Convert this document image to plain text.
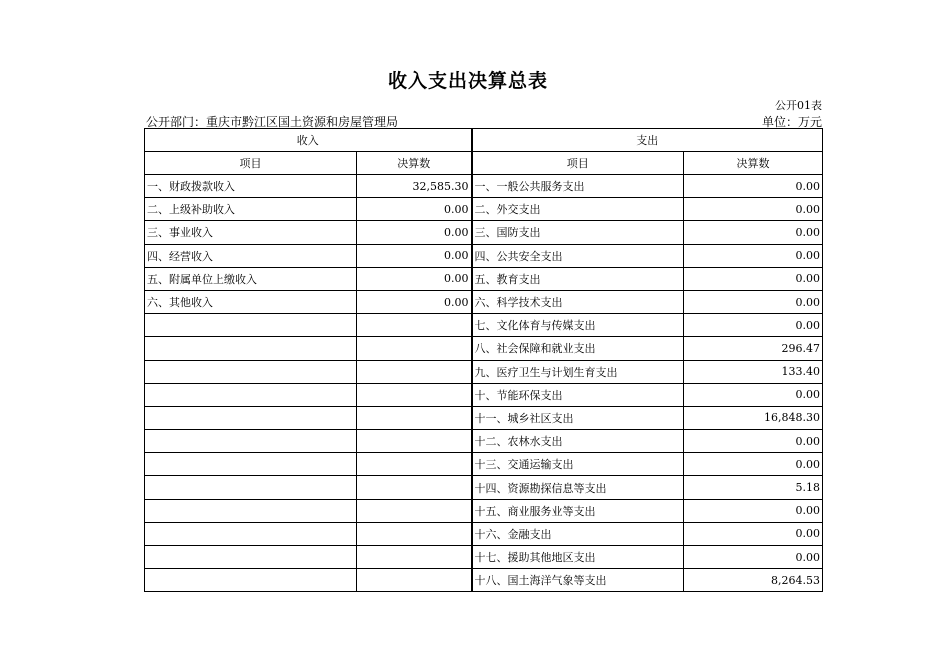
收入支出决算总表
公开01表
公开部门：重庆市黔江区国土资源和房屋管理局	单位：万元
收入		支出	
项目	决算数	项目	决算数
一、财政拨款收入	32,585.30	一、一般公共服务支出	0.00
二、上级补助收入	0.00	二、外交支出	0.00
三、事业收入	0.00	三、国防支出	0.00
四、经营收入	0.00	四、公共安全支出	0.00
五、附属单位上缴收入	0.00	五、教育支出	0.00
六、其他收入	0.00	六、科学技术支出	0.00
		七、文化体育与传媒支出	0.00
		八、社会保障和就业支出	296.47
		九、医疗卫生与计划生育支出	133.40
		十、节能环保支出	0.00
		十一、城乡社区支出	16,848.30
		十二、农林水支出	0.00
		十三、交通运输支出	0.00
		十四、资源勘探信息等支出	5.18
		十五、商业服务业等支出	0.00
		十六、金融支出	0.00
		十七、援助其他地区支出	0.00
		十八、国土海洋气象等支出	8,264.53
